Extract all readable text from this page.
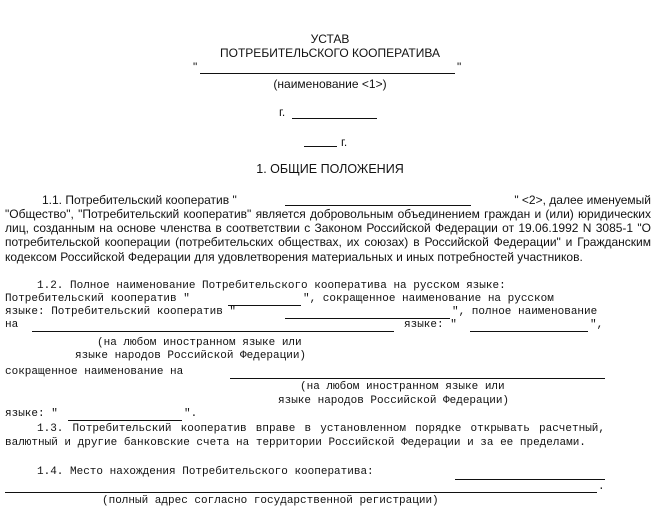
УСТАВ
ПОТРЕБИТЕЛЬСКОГО КООПЕРАТИВА
"	"
(наименование <1>)
г.
г.
1. ОБЩИЕ ПОЛОЖЕНИЯ
1.1. Потребительский кооператив "	" <2>, далее именуемый
"Общество", "Потребительский кооператив" является добровольным объединением граждан и (или) юридических лиц, созданным на основе членства в соответствии с Законом Российской Федерации от 19.06.1992 N 3085-1 "О потребительской кооперации (потребительских обществах, их союзах) в Российской Федерации" и Гражданским кодексом Российской Федерации для удовлетворения материальных и иных потребностей участников.
1.2. Полное наименование Потребительского кооператива на русском языке:
Потребительский кооператив "	", сокращенное наименование на русском
языке: Потребительский кооператив "	", полное наименование
на	языке: "	",
(на любом иностранном языке или
языке народов Российской Федерации)
сокращенное наименование на
(на любом иностранном языке или
языке народов Российской Федерации)
языке: "	".
1.3. Потребительский кооператив вправе в установленном порядке открывать расчетный, валютный и другие банковские счета на территории Российской Федерации и за ее пределами.
1.4. Место нахождения Потребительского кооператива:
.
(полный адрес согласно государственной регистрации)
